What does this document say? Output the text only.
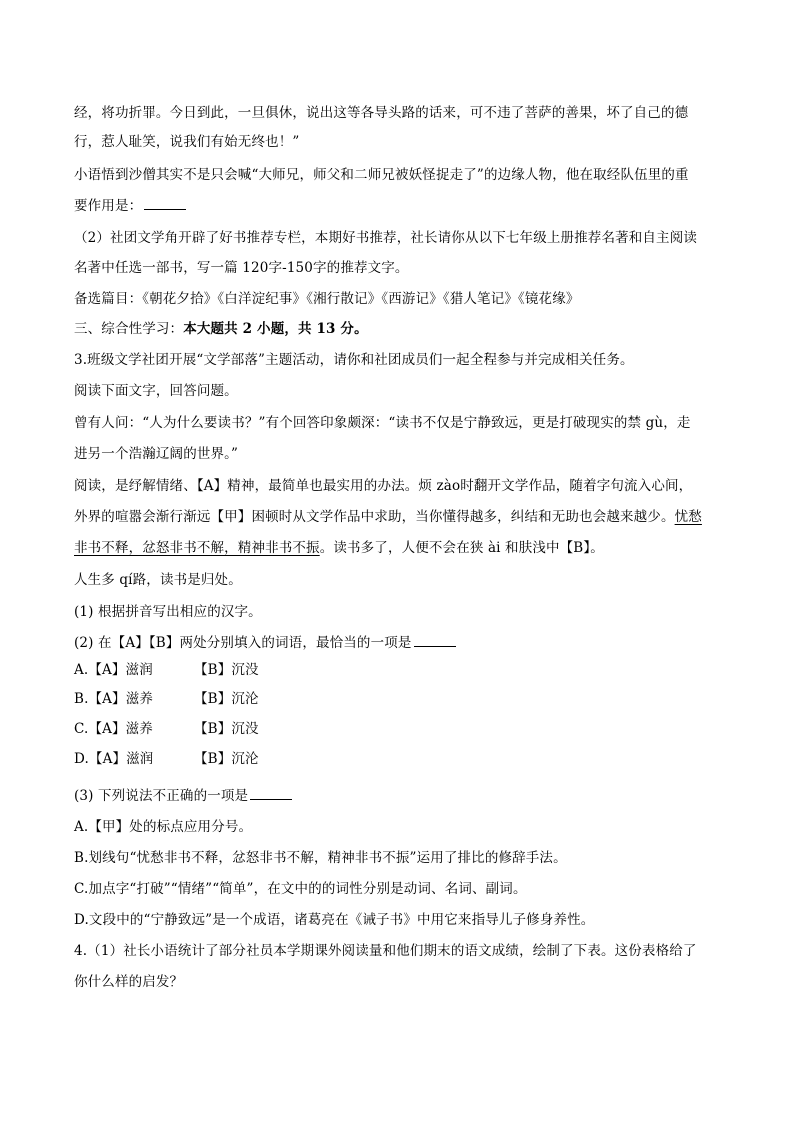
经，将功折罪。今日到此，一旦俱休，说出这等各导头路的话来，可不违了菩萨的善果，坏了自己的德
行，惹人耻笑，说我们有始无终也！”
小语悟到沙僧其实不是只会喊“大师兄，师父和二师兄被妖怪捉走了”的边缘人物，他在取经队伍里的重
要作用是：
（2）社团文学角开辟了好书推荐专栏，本期好书推荐，社长请你从以下七年级上册推荐名著和自主阅读
名著中任选一部书，写一篇 120字-150字的推荐文字。
备选篇目：《朝花夕拾》《白洋淀纪事》《湘行散记》《西游记》《猎人笔记》《镜花缘》
三、综合性学习：本大题共 2 小题，共 13 分。
3.班级文学社团开展“文学部落”主题活动，请你和社团成员们一起全程参与并完成相关任务。
阅读下面文字，回答问题。
曾有人问：“人为什么要读书？”有个回答印象颇深：“读书不仅是宁静致远，更是打破现实的禁 gù，走
进另一个浩瀚辽阔的世界。”
阅读，是纾解情绪、【A】精神，最简单也最实用的办法。烦 zào时翻开文学作品，随着字句流入心间，
外界的喧嚣会渐行渐远【甲】困顿时从文学作品中求助，当你懂得越多，纠结和无助也会越来越少。忧愁
非书不释，忿怒非书不解，精神非书不振。读书多了，人便不会在狭 ài 和肤浅中【B】。
人生多 qí路，读书是归处。
(1) 根据拼音写出相应的汉字。
(2) 在【A】【B】两处分别填入的词语，最恰当的一项是
A.【A】滋润	【B】沉没
B.【A】滋养	【B】沉沦
C.【A】滋养	【B】沉没
D.【A】滋润	【B】沉沦
(3) 下列说法不正确的一项是
A.【甲】处的标点应用分号。
B.划线句“忧愁非书不释，忿怒非书不解，精神非书不振”运用了排比的修辞手法。
C.加点字“打破”“情绪”“简单”，在文中的的词性分别是动词、名词、副词。
D.文段中的“宁静致远”是一个成语，诸葛亮在《诫子书》中用它来指导儿子修身养性。
4.（1）社长小语统计了部分社员本学期课外阅读量和他们期末的语文成绩，绘制了下表。这份表格给了
你什么样的启发？
